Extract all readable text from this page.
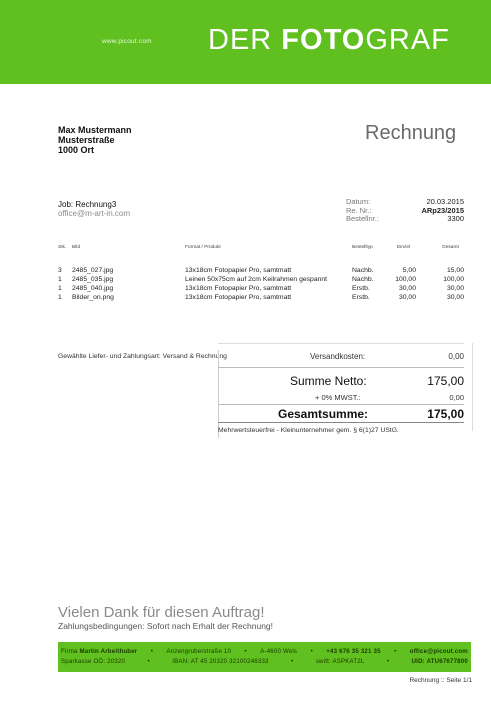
www.picout.com DER FOTOGRAF
Max Mustermann
Musterstraße
1000 Ort
Rechnung
Job: Rechnung3
office@m-art-in.com
Datum:	20.03.2015
Re. Nr.:	ARp23/2015
Bestellnr.:	3300
Stk. Bild	Format / Produkt	Bestelltyp	Einzel	Gesamt
3 2485_027.jpg	13x18cm Fotopapier Pro, samtmatt	Nachb.	5,00	15,00
1 2485_035.jpg	Leinen 50x75cm auf 2cm Keilrahmen gespannt	Nachb.	100,00	100,00
1 2485_040.jpg	13x18cm Fotopapier Pro, samtmatt	Erstb.	30,00	30,00
1 Bilder_on.png	13x18cm Fotopapier Pro, samtmatt	Erstb.	30,00	30,00
Gewählte Liefer- und Zahlungsart: Versand & Rechnung	Versandkosten:	0,00
Summe Netto:	175,00
+ 0% MWST.:	0,00
Gesamtsumme:	175,00
Mehrwertsteuerfrei - Kleinunternehmer gem. § 6(1)27 UStG.
Vielen Dank für diesen Auftrag!
Zahlungsbedingungen: Sofort nach Erhalt der Rechnung!
Firma Martin Arbeithuber • Anzengruberstraße 10 • A-4600 Wels • +43 676 35 321 35 • office@picout.com
Sparkasse OÖ: 20320	•	IBAN: AT 45 20320 32100246333	•	swift: ASPKAT2L	•	UID: ATU67677800
Rechnung :: Seite 1/1
